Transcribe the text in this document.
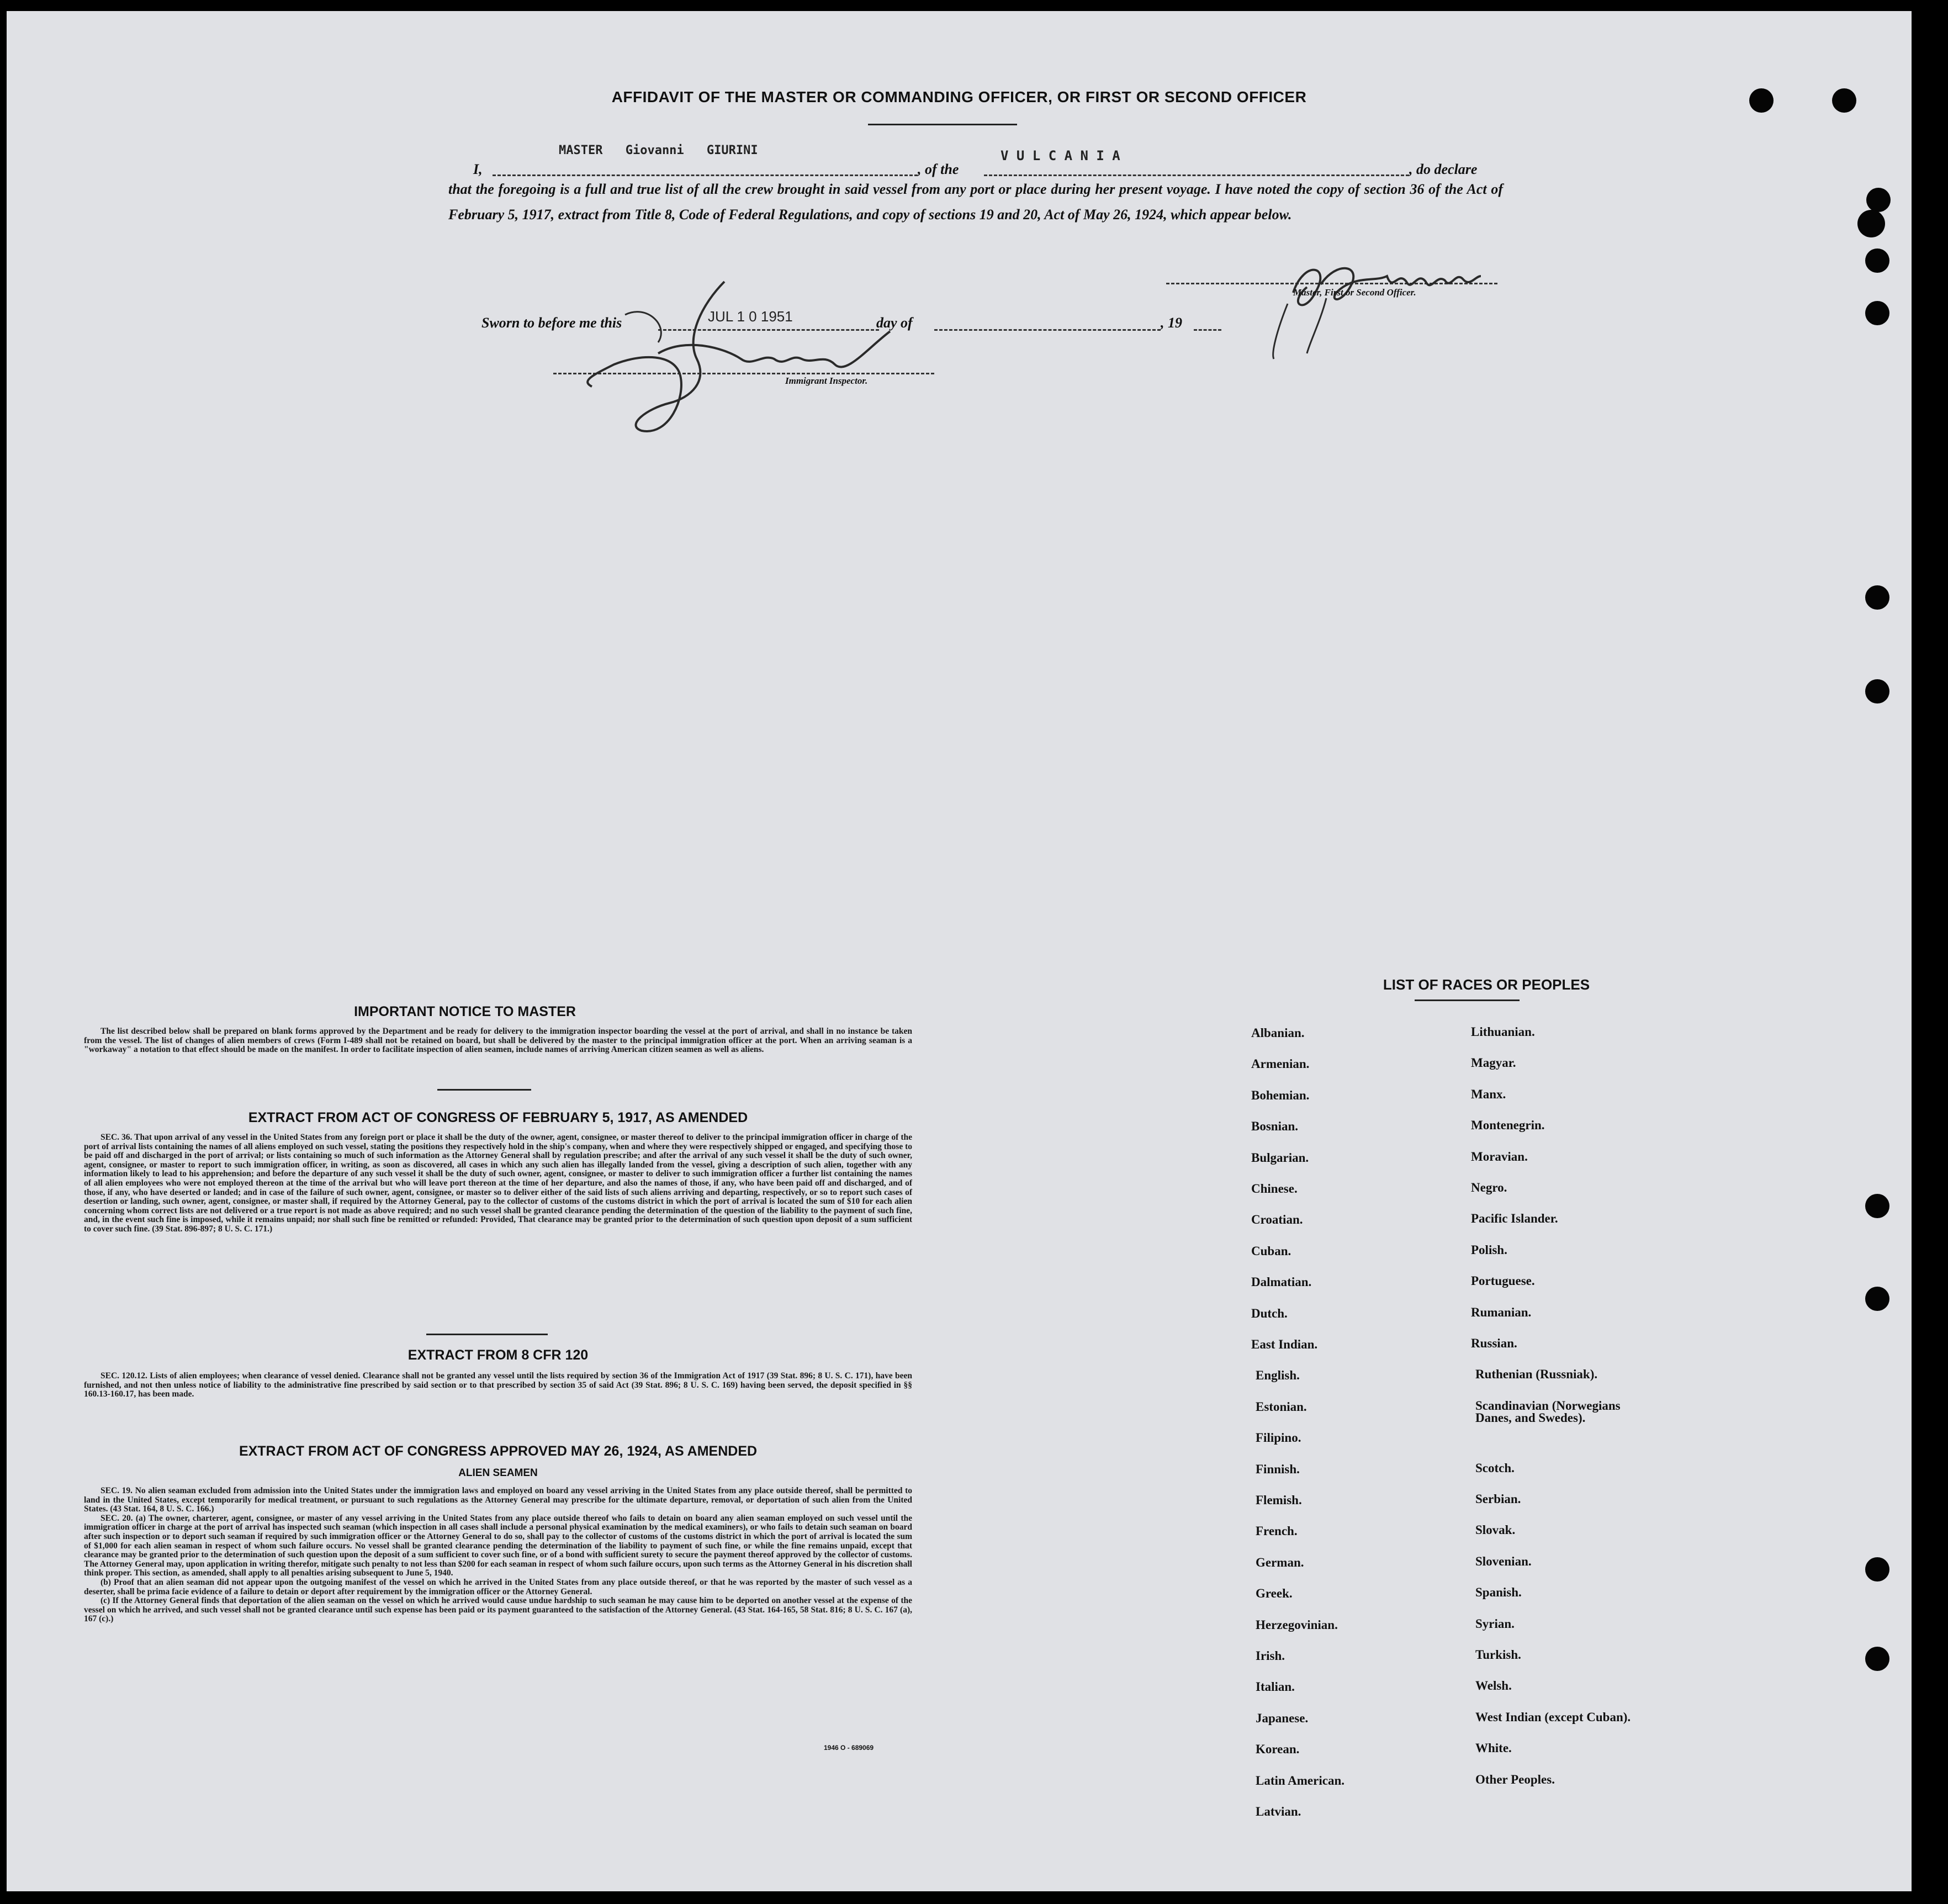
AFFIDAVIT OF THE MASTER OR COMMANDING OFFICER, OR FIRST OR SECOND OFFICER
I,
MASTER Giovanni GIURINI
, of the
V U L C A N I A
, do declare
that the foregoing is a full and true list of all the crew brought in said vessel from any port or place during her present voyage. I have noted the copy of section 36 of the Act of February 5, 1917, extract from Title 8, Code of Federal Regulations, and copy of sections 19 and 20, Act of May 26, 1924, which appear below.
Master, First or Second Officer.
Sworn to before me this	JUL 1 0 1951	day of	, 19
Immigrant Inspector.
IMPORTANT NOTICE TO MASTER

The list described below shall be prepared on blank forms approved by the Department and be ready for delivery to the immigration inspector boarding the vessel at the port of arrival, and shall in no instance be taken from the vessel. The list of changes of alien members of crews (Form I-489 shall not be retained on board, but shall be delivered by the master to the principal immigration officer at the port. When an arriving seaman is a "workaway" a notation to that effect should be made on the manifest. In order to facilitate inspection of alien seamen, include names of arriving American citizen seamen as well as aliens.

EXTRACT FROM ACT OF CONGRESS OF FEBRUARY 5, 1917, AS AMENDED

SEC. 36. That upon arrival of any vessel in the United States from any foreign port or place it shall be the duty of the owner, agent, consignee, or master thereof to deliver to the principal immigration officer in charge of the port of arrival lists containing the names of all aliens employed on such vessel, stating the positions they respectively hold in the ship's company, when and where they were respectively shipped or engaged, and specifying those to be paid off and discharged in the port of arrival; or lists containing so much of such information as the Attorney General shall by regulation prescribe; and after the arrival of any such vessel it shall be the duty of such owner, agent, consignee, or master to report to such immigration officer, in writing, as soon as discovered, all cases in which any such alien has illegally landed from the vessel, giving a description of such alien, together with any information likely to lead to his apprehension; and before the departure of any such vessel it shall be the duty of such owner, agent, consignee, or master to deliver to such immigration officer a further list containing the names of all alien employees who were not employed thereon at the time of the arrival but who will leave port thereon at the time of her departure, and also the names of those, if any, who have been paid off and discharged, and of those, if any, who have deserted or landed; and in case of the failure of such owner, agent, consignee, or master so to deliver either of the said lists of such aliens arriving and departing, respectively, or so to report such cases of desertion or landing, such owner, agent, consignee, or master shall, if required by the Attorney General, pay to the collector of customs of the customs district in which the port of arrival is located the sum of $10 for each alien concerning whom correct lists are not delivered or a true report is not made as above required; and no such vessel shall be granted clearance pending the determination of the question of the liability to the payment of such fine, and, in the event such fine is imposed, while it remains unpaid; nor shall such fine be remitted or refunded: Provided, That clearance may be granted prior to the determination of such question upon deposit of a sum sufficient to cover such fine. (39 Stat. 896-897; 8 U. S. C. 171.)

EXTRACT FROM 8 CFR 120

SEC. 120.12. Lists of alien employees; when clearance of vessel denied. Clearance shall not be granted any vessel until the lists required by section 36 of the Immigration Act of 1917 (39 Stat. 896; 8 U. S. C. 171), have been furnished, and not then unless notice of liability to the administrative fine prescribed by said section or to that prescribed by section 35 of said Act (39 Stat. 896; 8 U. S. C. 169) having been served, the deposit specified in §§ 160.13-160.17, has been made.

EXTRACT FROM ACT OF CONGRESS APPROVED MAY 26, 1924, AS AMENDED
ALIEN SEAMEN

SEC. 19. No alien seaman excluded from admission into the United States under the immigration laws and employed on board any vessel arriving in the United States from any place outside thereof, shall be permitted to land in the United States, except temporarily for medical treatment, or pursuant to such regulations as the Attorney General may prescribe for the ultimate departure, removal, or deportation of such alien from the United States. (43 Stat. 164, 8 U. S. C. 166.)

SEC. 20. (a) The owner, charterer, agent, consignee, or master of any vessel arriving in the United States from any place outside thereof who fails to detain on board any alien seaman employed on such vessel until the immigration officer in charge at the port of arrival has inspected such seaman (which inspection in all cases shall include a personal physical examination by the medical examiners), or who fails to detain such seaman on board after such inspection or to deport such seaman if required by such immigration officer or the Attorney General to do so, shall pay to the collector of customs of the customs district in which the port of arrival is located the sum of $1,000 for each alien seaman in respect of whom such failure occurs. No vessel shall be granted clearance pending the determination of the liability to payment of such fine, or while the fine remains unpaid, except that clearance may be granted prior to the determination of such question upon the deposit of a sum sufficient to cover such fine, or of a bond with sufficient surety to secure the payment thereof approved by the collector of customs. The Attorney General may, upon application in writing therefor, mitigate such penalty to not less than $200 for each seaman in respect of whom such failure occurs, upon such terms as the Attorney General in his discretion shall think proper. This section, as amended, shall apply to all penalties arising subsequent to June 5, 1940.

(b) Proof that an alien seaman did not appear upon the outgoing manifest of the vessel on which he arrived in the United States from any place outside thereof, or that he was reported by the master of such vessel as a deserter, shall be prima facie evidence of a failure to detain or deport after requirement by the immigration officer or the Attorney General.

(c) If the Attorney General finds that deportation of the alien seaman on the vessel on which he arrived would cause undue hardship to such seaman he may cause him to be deported on another vessel at the expense of the vessel on which he arrived, and such vessel shall not be granted clearance until such expense has been paid or its payment guaranteed to the satisfaction of the Attorney General. (43 Stat. 164-165, 58 Stat. 816; 8 U. S. C. 167 (a), 167 (c).)

1946 O - 689069
LIST OF RACES OR PEOPLES
Albanian.
Armenian.
Bohemian.
Bosnian.
Bulgarian.
Chinese.
Croatian.
Cuban.
Dalmatian.
Dutch.
East Indian.
English.
Estonian.
Filipino.
Finnish.
Flemish.
French.
German.
Greek.
Herzegovinian.
Irish.
Italian.
Japanese.
Korean.
Latin American.
Latvian.
Lithuanian.
Magyar.
Manx.
Montenegrin.
Moravian.
Negro.
Pacific Islander.
Polish.
Portuguese.
Rumanian.
Russian.
Ruthenian (Russniak).
Scandinavian (Norwegians
Danes, and Swedes).
Scotch.
Serbian.
Slovak.
Slovenian.
Spanish.
Syrian.
Turkish.
Welsh.
West Indian (except Cuban).
White.
Other Peoples.
